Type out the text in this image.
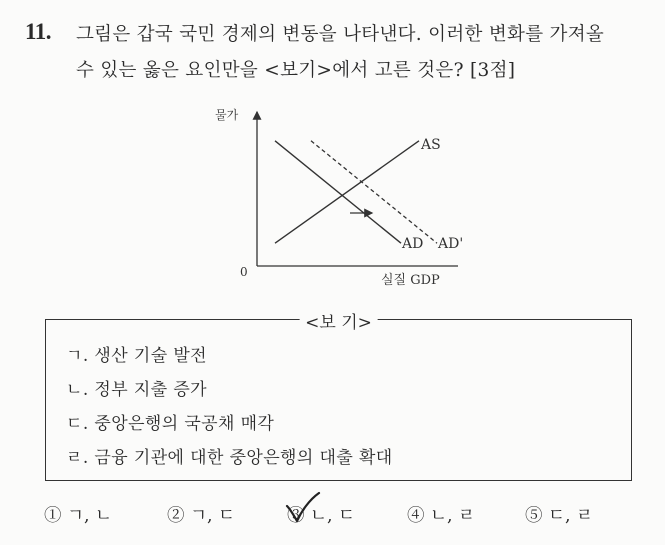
11. 그림은 갑국 국민 경제의 변동을 나타낸다. 이러한 변화를 가져올
수 있는 옳은 요인만을 <보기>에서 고른 것은? [3점]
물가
실질 GDP
0
AS
AD AD'
<보 기>
ㄱ. 생산 기술 발전
ㄴ. 정부 지출 증가
ㄷ. 중앙은행의 국공채 매각
ㄹ. 금융 기관에 대한 중앙은행의 대출 확대
① ㄱ, ㄴ	② ㄱ, ㄷ	③ ㄴ, ㄷ	④ ㄴ, ㄹ	⑤ ㄷ, ㄹ
